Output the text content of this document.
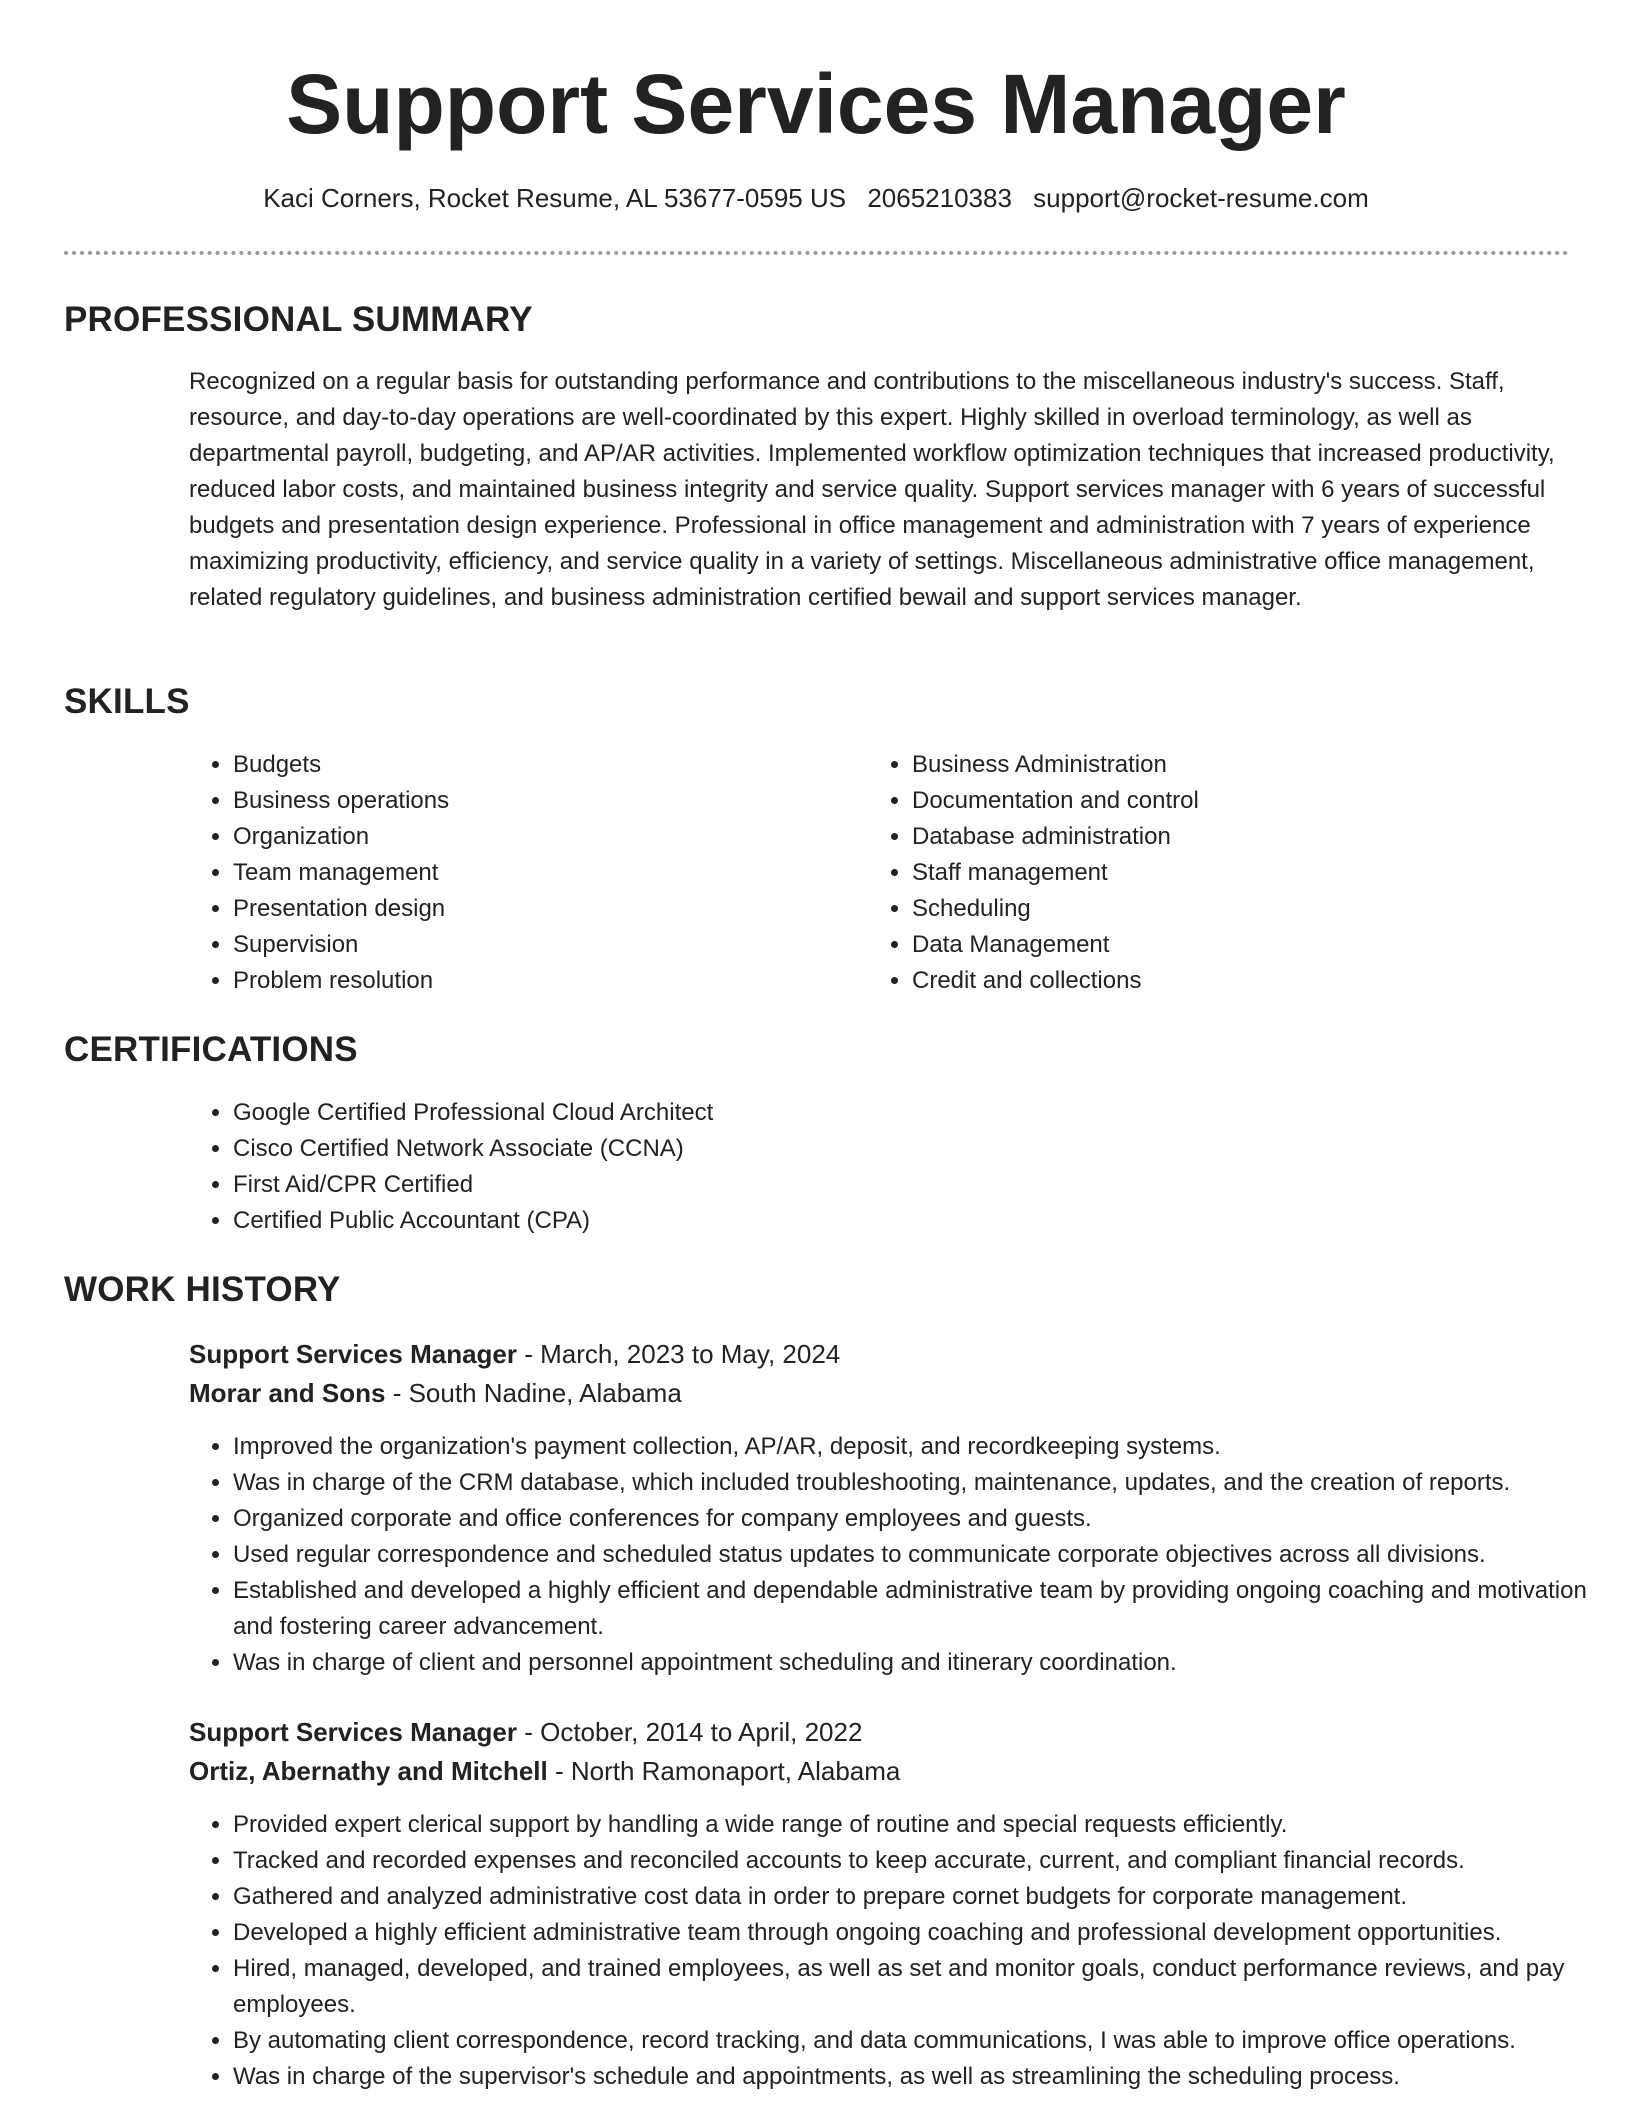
Support Services Manager
Kaci Corners, Rocket Resume, AL 53677-0595 US 2065210383 support@rocket-resume.com
PROFESSIONAL SUMMARY

Recognized on a regular basis for outstanding performance and contributions to the miscellaneous industry's success. Staff, resource, and day-to-day operations are well-coordinated by this expert. Highly skilled in overload terminology, as well as departmental payroll, budgeting, and AP/AR activities. Implemented workflow optimization techniques that increased productivity, reduced labor costs, and maintained business integrity and service quality. Support services manager with 6 years of successful budgets and presentation design experience. Professional in office management and administration with 7 years of experience maximizing productivity, efficiency, and service quality in a variety of settings. Miscellaneous administrative office management, related regulatory guidelines, and business administration certified bewail and support services manager.

SKILLS
• Budgets
• Business operations
• Organization
• Team management
• Presentation design
• Supervision
• Problem resolution
• Business Administration
• Documentation and control
• Database administration
• Staff management
• Scheduling
• Data Management
• Credit and collections
CERTIFICATIONS
• Google Certified Professional Cloud Architect
• Cisco Certified Network Associate (CCNA)
• First Aid/CPR Certified
• Certified Public Accountant (CPA)
WORK HISTORY
Support Services Manager - March, 2023 to May, 2024
Morar and Sons - South Nadine, Alabama
• Improved the organization's payment collection, AP/AR, deposit, and recordkeeping systems.
• Was in charge of the CRM database, which included troubleshooting, maintenance, updates, and the creation of reports.
• Organized corporate and office conferences for company employees and guests.
• Used regular correspondence and scheduled status updates to communicate corporate objectives across all divisions.
• Established and developed a highly efficient and dependable administrative team by providing ongoing coaching and motivation and fostering career advancement.
• Was in charge of client and personnel appointment scheduling and itinerary coordination.
Support Services Manager - October, 2014 to April, 2022
Ortiz, Abernathy and Mitchell - North Ramonaport, Alabama
• Provided expert clerical support by handling a wide range of routine and special requests efficiently.
• Tracked and recorded expenses and reconciled accounts to keep accurate, current, and compliant financial records.
• Gathered and analyzed administrative cost data in order to prepare cornet budgets for corporate management.
• Developed a highly efficient administrative team through ongoing coaching and professional development opportunities.
• Hired, managed, developed, and trained employees, as well as set and monitor goals, conduct performance reviews, and pay employees.
• By automating client correspondence, record tracking, and data communications, I was able to improve office operations.
• Was in charge of the supervisor's schedule and appointments, as well as streamlining the scheduling process.
